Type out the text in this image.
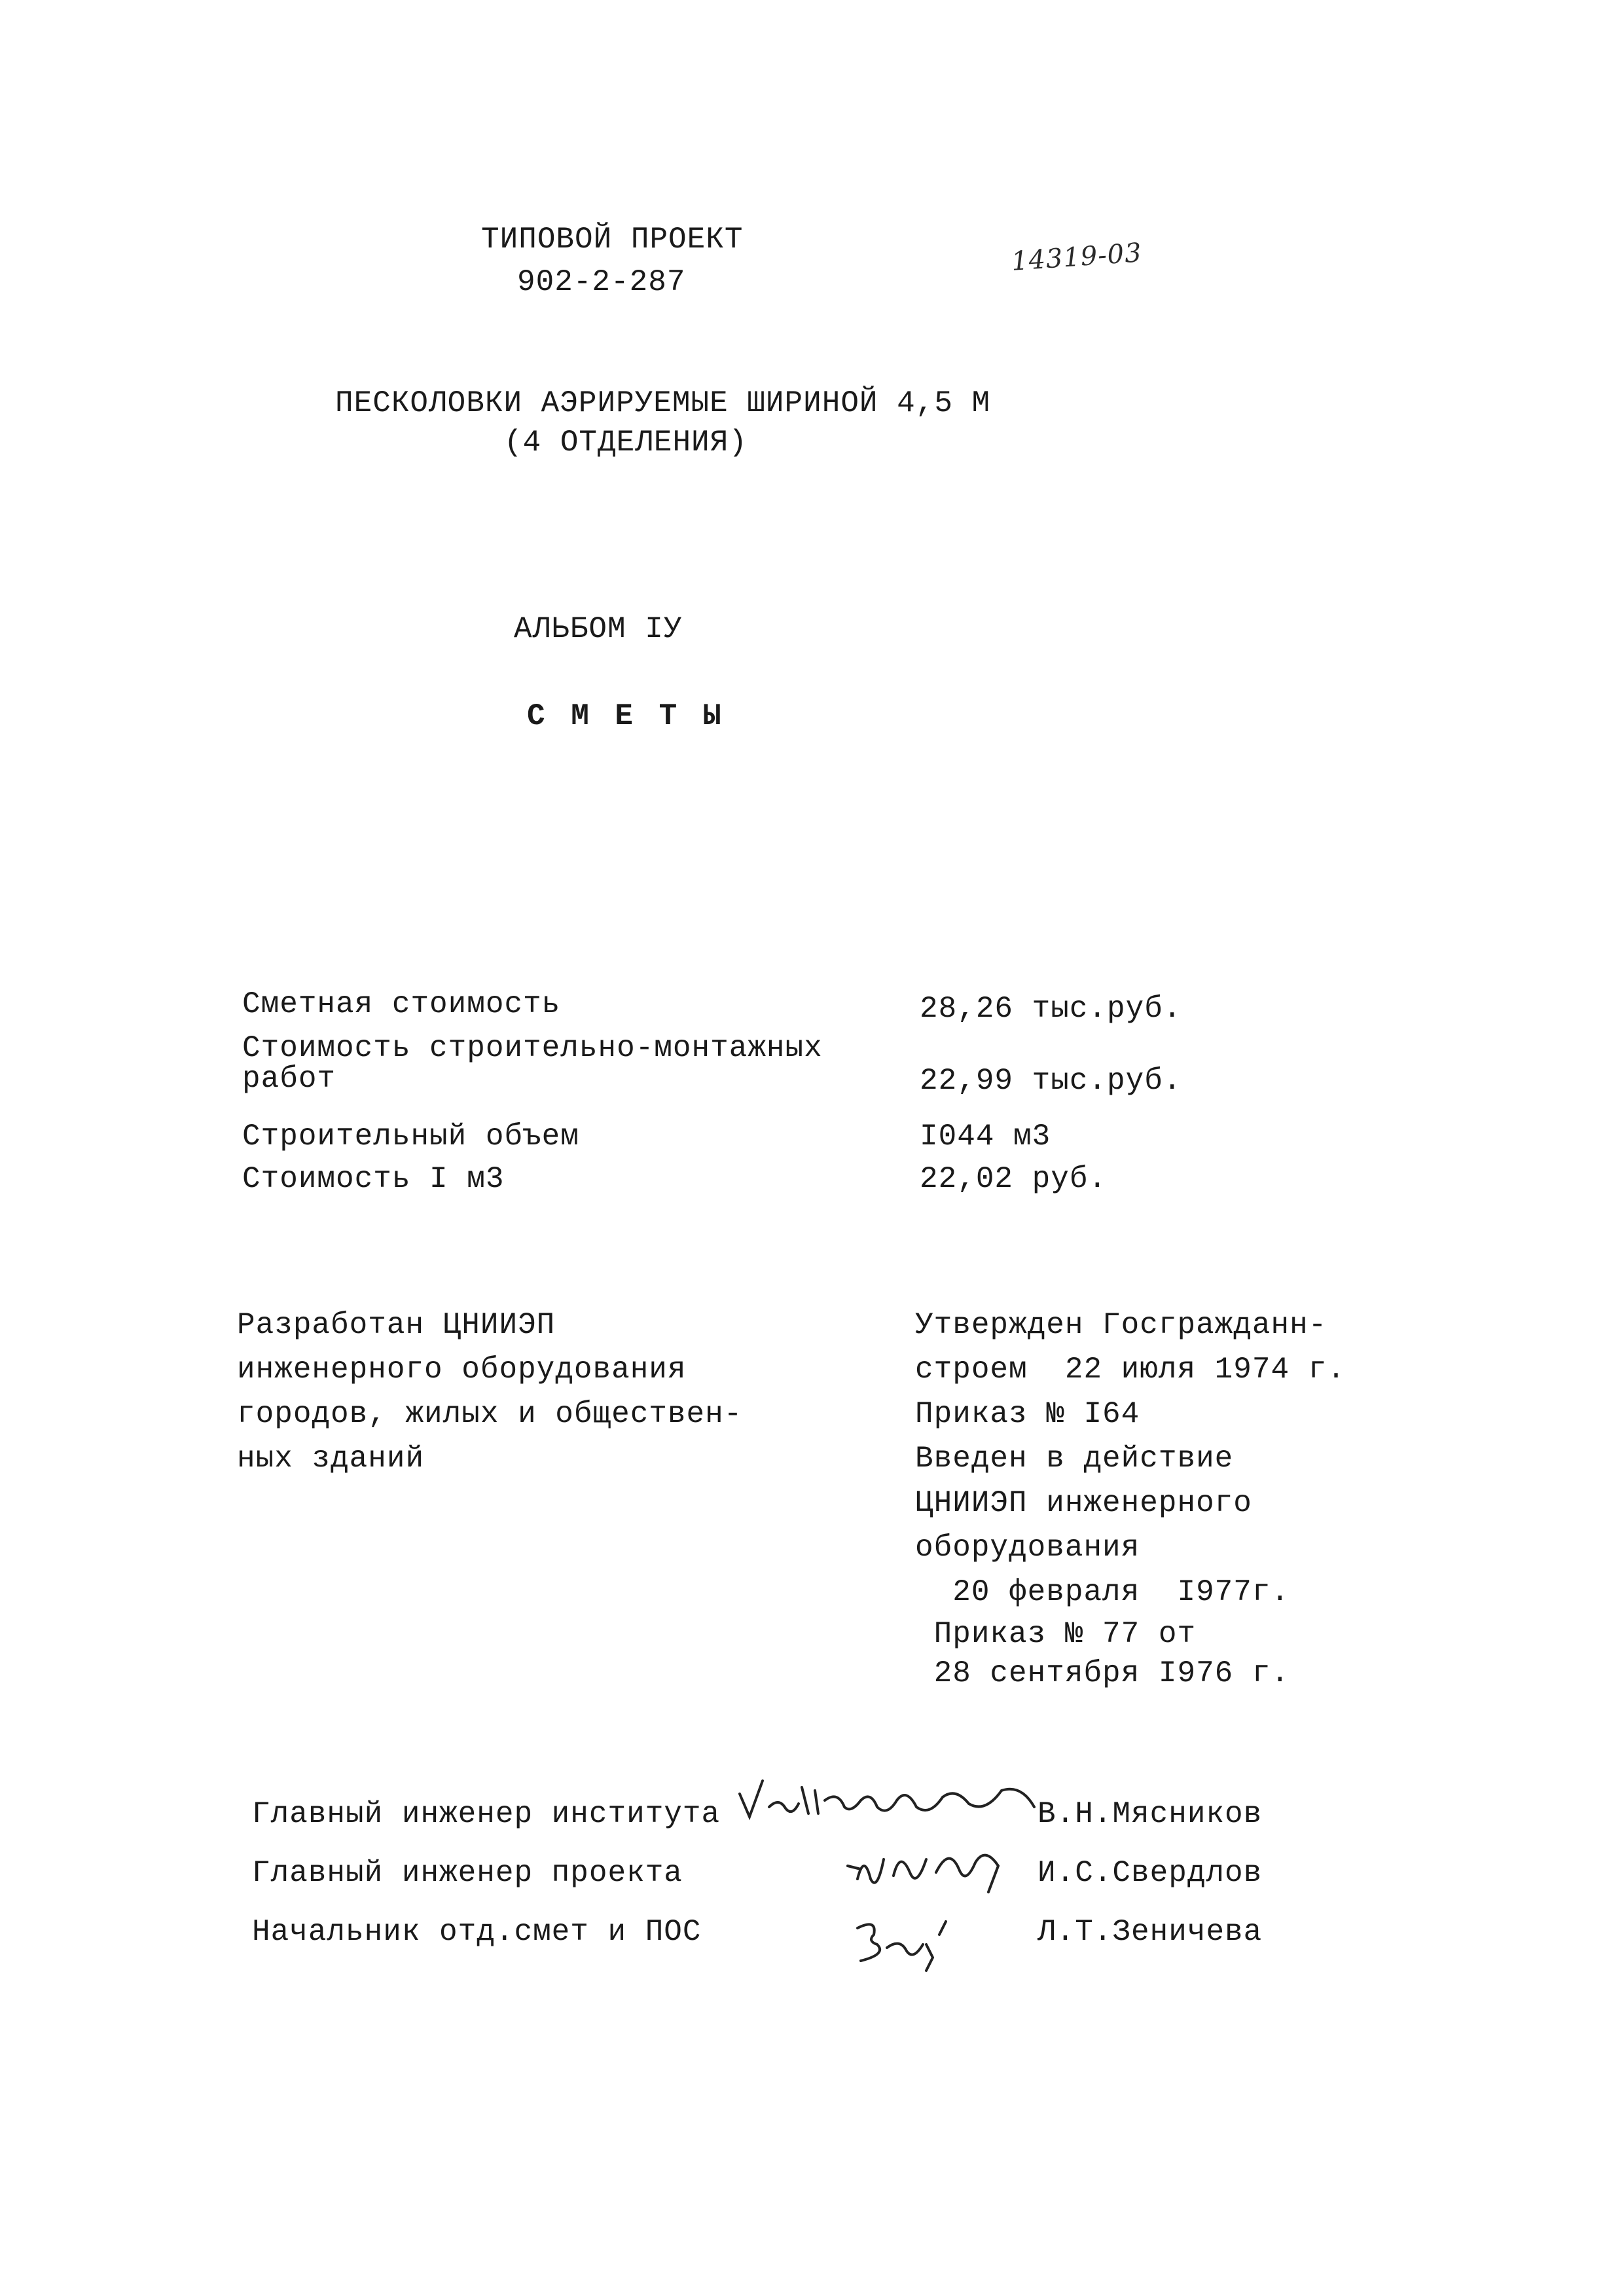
ТИПОВОЙ ПРОЕКТ
902-2-287
14319-03
ПЕСКОЛОВКИ АЭРИРУЕМЫЕ ШИРИНОЙ 4,5 М
(4 ОТДЕЛЕНИЯ)
АЛЬБОМ IУ
С М Е Т Ы
Сметная стоимость
Стоимость строительно-монтажных
работ
Строительный объем
Стоимость I м3
28,26 тыс.руб.
22,99 тыс.руб.
I044 м3
22,02 руб.
Разработан ЦНИИЭП
инженерного оборудования
городов, жилых и обществен-
ных зданий
Утвержден Госгражданн-
строем  22 июля 1974 г.
Приказ № I64
Введен в действие
ЦНИИЭП инженерного
оборудования
20 февраля  I977г.
Приказ № 77 от
28 сентября I976 г.
Главный инженер института
Главный инженер проекта
Начальник отд.смет и ПОС
В.Н.Мясников
И.С.Свердлов
Л.Т.Зеничева
